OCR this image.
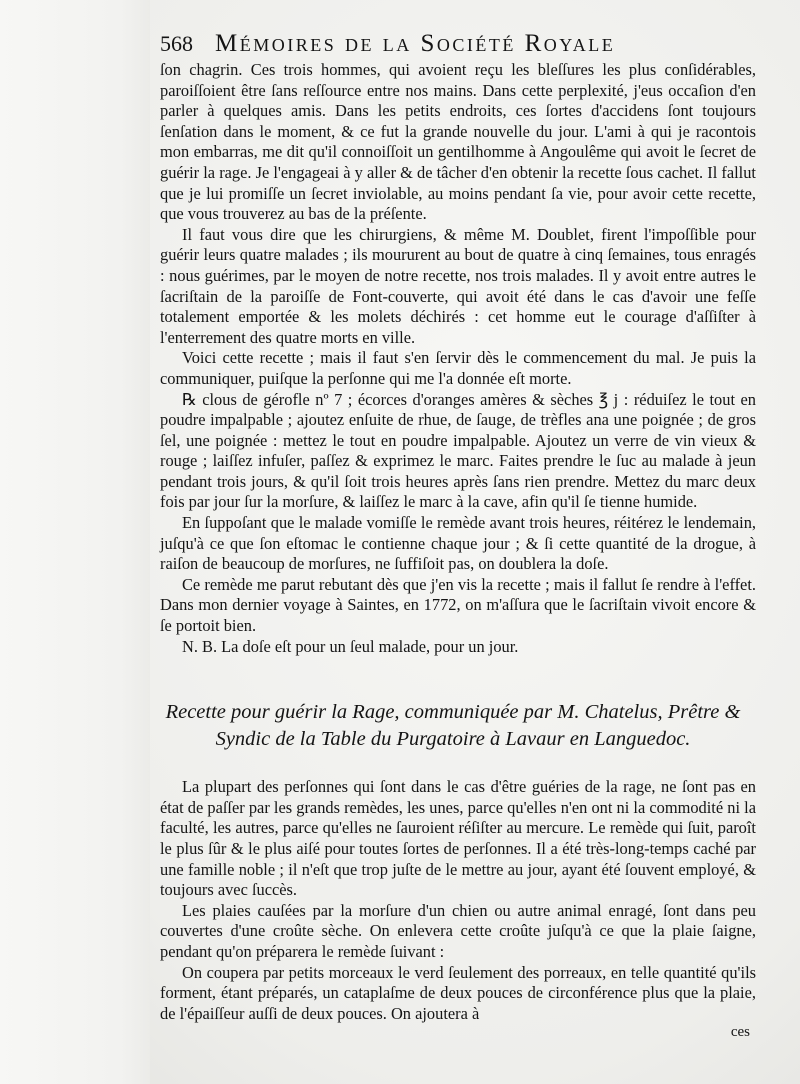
568 Mémoires de la Société Royale

ſon chagrin. Ces trois hommes, qui avoient reçu les bleſſures les plus conſidérables, paroiſſoient être ſans reſſource entre nos mains. Dans cette perplexité, j'eus occaſion d'en parler à quelques amis. Dans les petits endroits, ces ſortes d'accidens ſont toujours ſenſation dans le moment, & ce fut la grande nouvelle du jour. L'ami à qui je racontois mon embarras, me dit qu'il connoiſſoit un gentilhomme à Angoulême qui avoit le ſecret de guérir la rage. Je l'engageai à y aller & de tâcher d'en obtenir la recette ſous cachet. Il fallut que je lui promiſſe un ſecret inviolable, au moins pendant ſa vie, pour avoir cette recette, que vous trouverez au bas de la préſente.

Il faut vous dire que les chirurgiens, & même M. Doublet, firent l'impoſſible pour guérir leurs quatre malades ; ils moururent au bout de quatre à cinq ſemaines, tous enragés : nous guérimes, par le moyen de notre recette, nos trois malades. Il y avoit entre autres le ſacriſtain de la paroiſſe de Font-couverte, qui avoit été dans le cas d'avoir une feſſe totalement emportée & les molets déchirés : cet homme eut le courage d'aſſiſter à l'enterrement des quatre morts en ville.

Voici cette recette ; mais il faut s'en ſervir dès le commencement du mal. Je puis la communiquer, puiſque la perſonne qui me l'a donnée eſt morte.

℞ clous de gérofle nº 7 ; écorces d'oranges amères & sèches ℥ j : réduiſez le tout en poudre impalpable ; ajoutez enſuite de rhue, de ſauge, de trèfles ana une poignée ; de gros ſel, une poignée : mettez le tout en poudre impalpable. Ajoutez un verre de vin vieux & rouge ; laiſſez infuſer, paſſez & exprimez le marc. Faites prendre le ſuc au malade à jeun pendant trois jours, & qu'il ſoit trois heures après ſans rien prendre. Mettez du marc deux fois par jour ſur la morſure, & laiſſez le marc à la cave, afin qu'il ſe tienne humide.

En ſuppoſant que le malade vomiſſe le remède avant trois heures, réitérez le lendemain, juſqu'à ce que ſon eſtomac le contienne chaque jour ; & ſi cette quantité de la drogue, à raiſon de beaucoup de morſures, ne ſuffiſoit pas, on doublera la doſe.

Ce remède me parut rebutant dès que j'en vis la recette ; mais il fallut ſe rendre à l'effet. Dans mon dernier voyage à Saintes, en 1772, on m'aſſura que le ſacriſtain vivoit encore & ſe portoit bien.

N. B. La doſe eſt pour un ſeul malade, pour un jour.

Recette pour guérir la Rage, communiquée par M. Chatelus, Prêtre & Syndic de la Table du Purgatoire à Lavaur en Languedoc.

La plupart des perſonnes qui ſont dans le cas d'être guéries de la rage, ne ſont pas en état de paſſer par les grands remèdes, les unes, parce qu'elles n'en ont ni la commodité ni la faculté, les autres, parce qu'elles ne ſauroient réſiſter au mercure. Le remède qui ſuit, paroît le plus ſûr & le plus aiſé pour toutes ſortes de perſonnes. Il a été très-long-temps caché par une famille noble ; il n'eſt que trop juſte de le mettre au jour, ayant été ſouvent employé, & toujours avec ſuccès.

Les plaies cauſées par la morſure d'un chien ou autre animal enragé, ſont dans peu couvertes d'une croûte sèche. On enlevera cette croûte juſqu'à ce que la plaie ſaigne, pendant qu'on préparera le remède ſuivant :

On coupera par petits morceaux le verd ſeulement des porreaux, en telle quantité qu'ils forment, étant préparés, un cataplaſme de deux pouces de circonférence plus que la plaie, de l'épaiſſeur auſſi de deux pouces. On ajoutera à

ces
